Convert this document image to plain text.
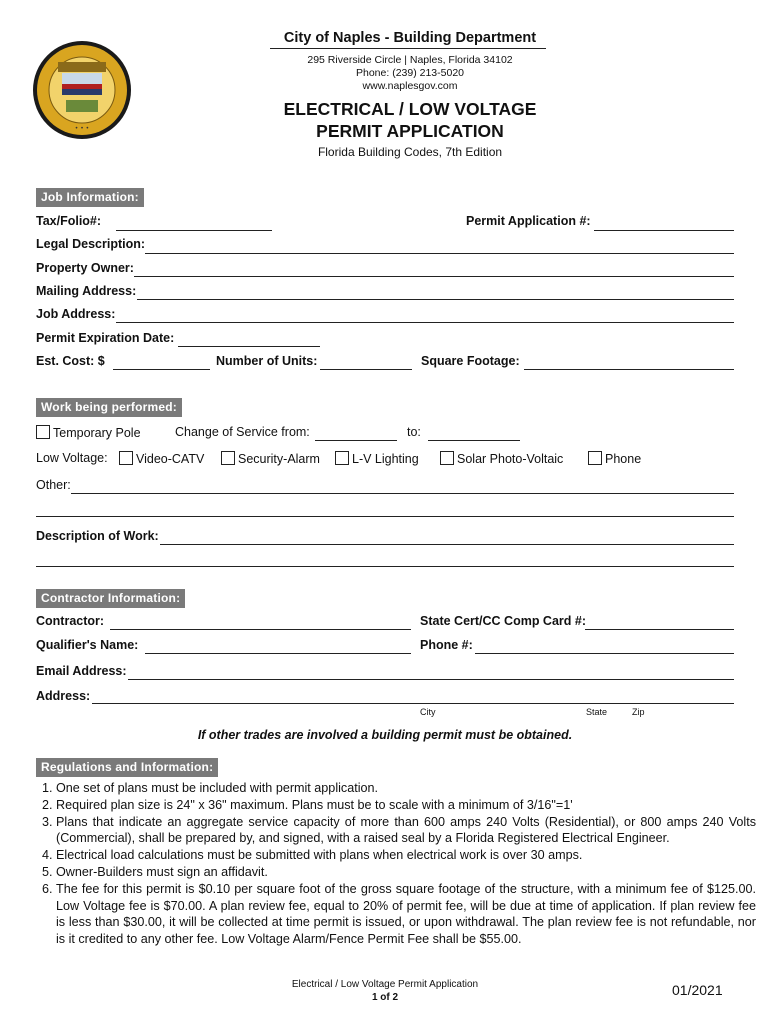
• • •
City of Naples - Building Department
295 Riverside Circle | Naples, Florida 34102
Phone: (239) 213-5020
www.naplesgov.com
ELECTRICAL / LOW VOLTAGE
PERMIT APPLICATION
Florida Building Codes, 7th Edition
Job Information:
Tax/Folio#:	Permit Application #:
Legal Description:
Property Owner:
Mailing Address:
Job Address:
Permit Expiration Date:
Est. Cost: $	Number of Units:	Square Footage:
Work being performed:
Temporary Pole	Change of Service from:	to:
Low Voltage:	Video-CATV	Security-Alarm	L-V Lighting	Solar Photo-Voltaic	Phone
Other:
Description of Work:
Contractor Information:
Contractor:	State Cert/CC Comp Card #:
Qualifier's Name:	Phone #:
Email Address:
Address:
City	State	Zip
If other trades are involved a building permit must be obtained.
Regulations and Information:
1. One set of plans must be included with permit application.
2. Required plan size is 24" x 36" maximum. Plans must be to scale with a minimum of 3/16"=1'
3. Plans that indicate an aggregate service capacity of more than 600 amps 240 Volts (Residential), or 800 amps 240 Volts (Commercial), shall be prepared by, and signed, with a raised seal by a Florida Registered Electrical Engineer.
4. Electrical load calculations must be submitted with plans when electrical work is over 30 amps.
5. Owner-Builders must sign an affidavit.
6. The fee for this permit is $0.10 per square foot of the gross square footage of the structure, with a minimum fee of $125.00. Low Voltage fee is $70.00. A plan review fee, equal to 20% of permit fee, will be due at time of application. If plan review fee is less than $30.00, it will be collected at time permit is issued, or upon withdrawal. The plan review fee is not refundable, nor is it credited to any other fee. Low Voltage Alarm/Fence Permit Fee shall be $55.00.
Electrical / Low Voltage Permit Application
1 of 2	01/2021
